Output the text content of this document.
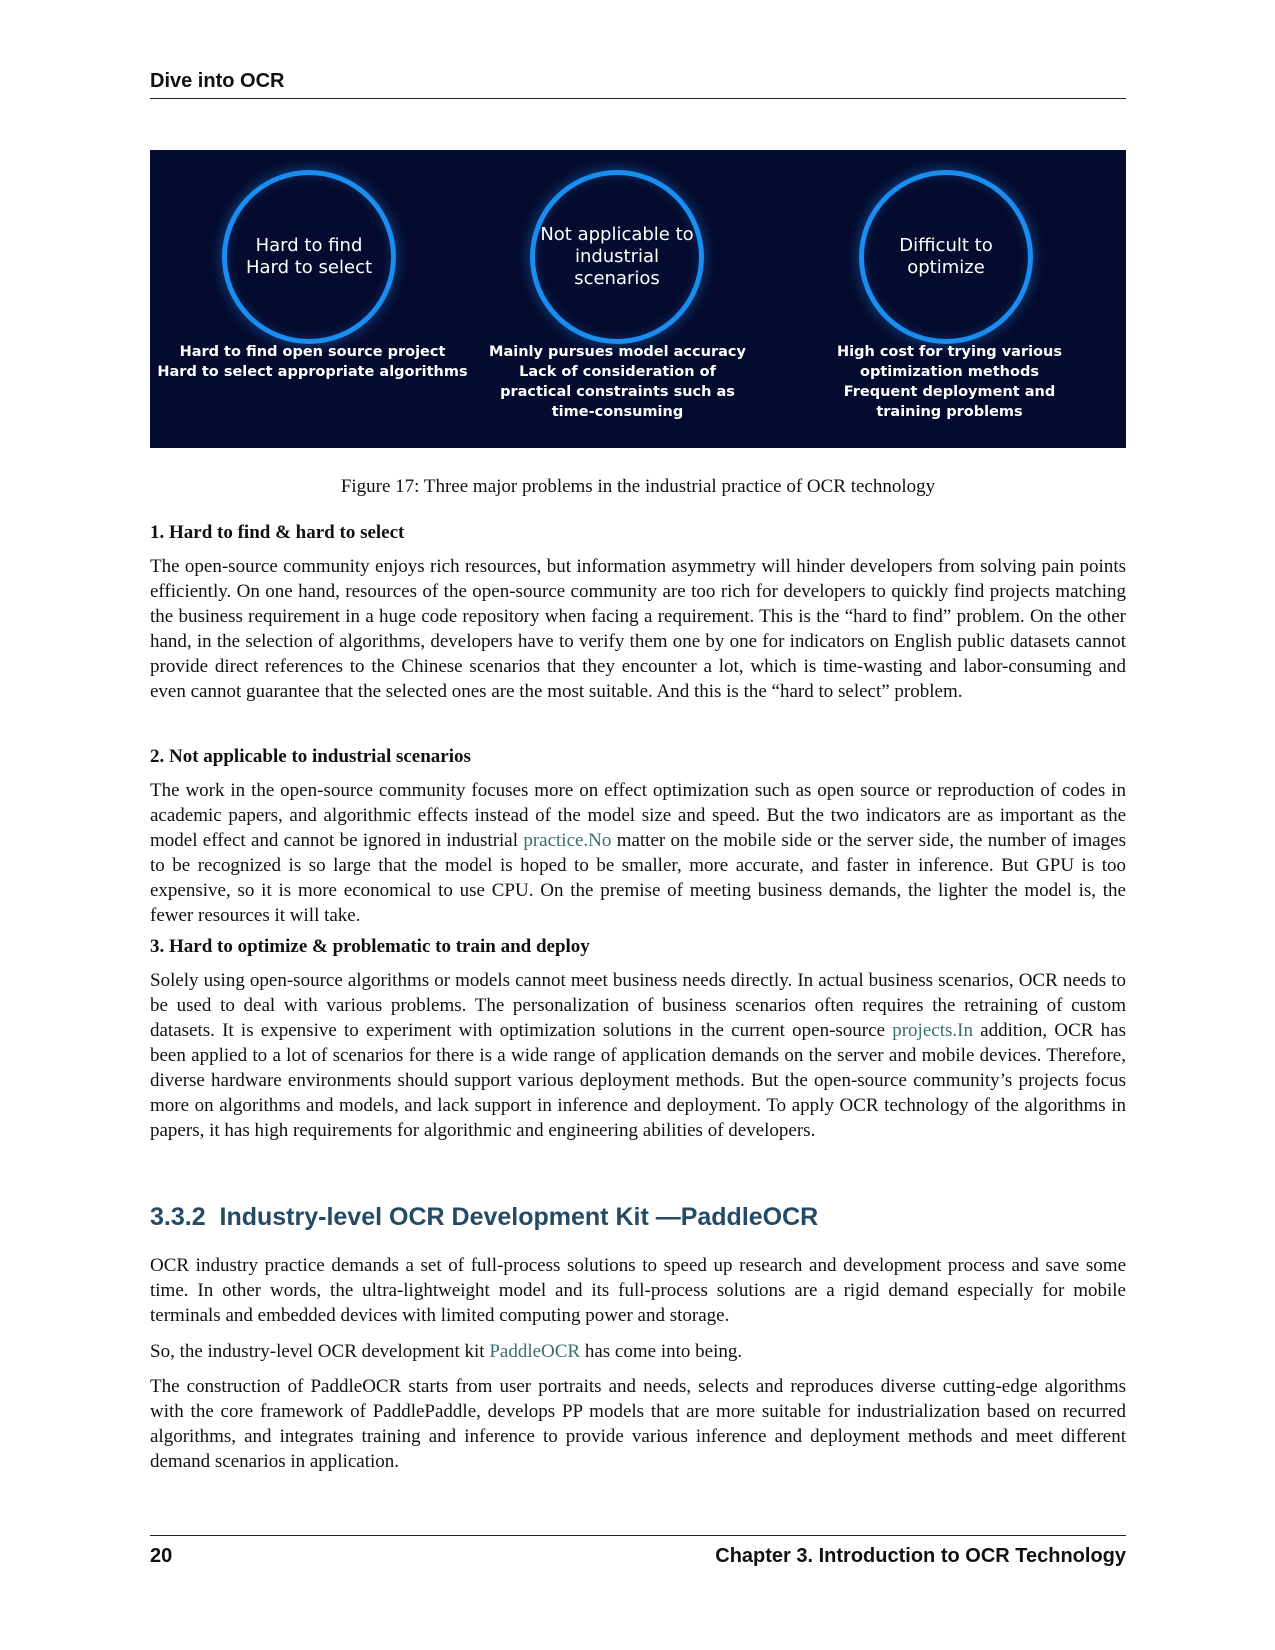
Dive into OCR
Hard to find
Hard to select
Hard to find open source project
Hard to select appropriate algorithms
Not applicable to
industrial scenarios
Mainly pursues model accuracy
Lack of consideration of
practical constraints such as
time-consuming
Difficult to
optimize
High cost for trying various
optimization methods
Frequent deployment and
training problems
Figure 17: Three major problems in the industrial practice of OCR technology
1. Hard to find & hard to select
The open-source community enjoys rich resources, but information asymmetry will hinder developers from solving pain points efficiently. On one hand, resources of the open-source community are too rich for developers to quickly find projects matching the business requirement in a huge code repository when facing a requirement. This is the “hard to find” problem. On the other hand, in the selection of algorithms, developers have to verify them one by one for indicators on English public datasets cannot provide direct references to the Chinese scenarios that they encounter a lot, which is time-wasting and labor-consuming and even cannot guarantee that the selected ones are the most suitable. And this is the “hard to select” problem.
2. Not applicable to industrial scenarios
The work in the open-source community focuses more on effect optimization such as open source or reproduction of codes in academic papers, and algorithmic effects instead of the model size and speed. But the two indicators are as important as the model effect and cannot be ignored in industrial practice.No matter on the mobile side or the server side, the number of images to be recognized is so large that the model is hoped to be smaller, more accurate, and faster in inference. But GPU is too expensive, so it is more economical to use CPU. On the premise of meeting business demands, the lighter the model is, the fewer resources it will take.
3. Hard to optimize & problematic to train and deploy
Solely using open-source algorithms or models cannot meet business needs directly. In actual business scenarios, OCR needs to be used to deal with various problems. The personalization of business scenarios often requires the retraining of custom datasets. It is expensive to experiment with optimization solutions in the current open-source projects.In addition, OCR has been applied to a lot of scenarios for there is a wide range of application demands on the server and mobile devices. Therefore, diverse hardware environments should support various deployment methods. But the open-source community’s projects focus more on algorithms and models, and lack support in inference and deployment. To apply OCR technology of the algorithms in papers, it has high requirements for algorithmic and engineering abilities of developers.
3.3.2 Industry-level OCR Development Kit —PaddleOCR
OCR industry practice demands a set of full-process solutions to speed up research and development process and save some time. In other words, the ultra-lightweight model and its full-process solutions are a rigid demand especially for mobile terminals and embedded devices with limited computing power and storage.
So, the industry-level OCR development kit PaddleOCR has come into being.
The construction of PaddleOCR starts from user portraits and needs, selects and reproduces diverse cutting-edge algorithms with the core framework of PaddlePaddle, develops PP models that are more suitable for industrialization based on recurred algorithms, and integrates training and inference to provide various inference and deployment methods and meet different demand scenarios in application.
20	Chapter 3. Introduction to OCR Technology
